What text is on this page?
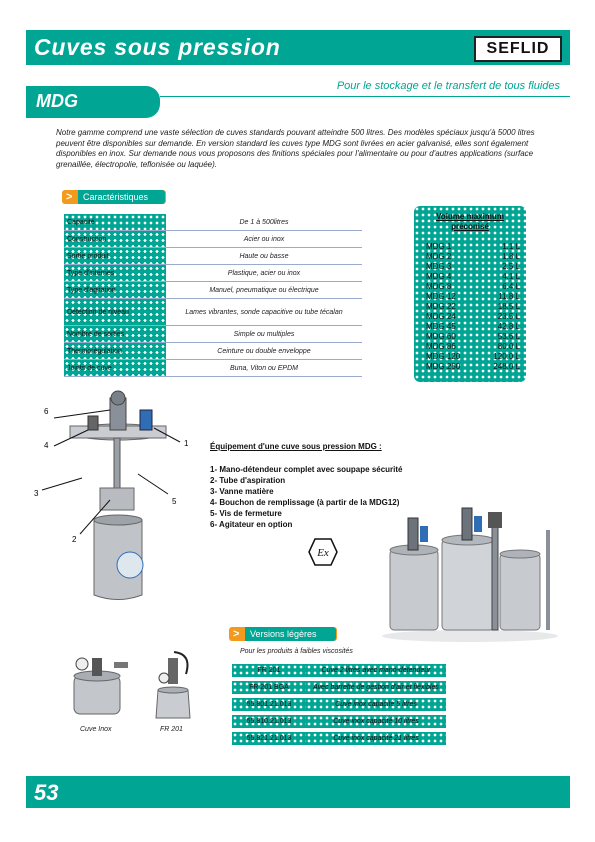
Cuves sous pression	SEFLID
MDG
Pour le stockage et le transfert de tous fluides
Notre gamme comprend une vaste sélection de cuves standards pouvant atteindre 500 litres. Des modèles spéciaux jusqu'à 5000 litres peuvent être disponibles sur demande. En version standard les cuves type MDG sont livrées en acier galvanisé, elles sont également disponibles en inox. Sur demande nous vous proposons des finitions spéciales pour l'alimentaire ou pour d'autres applications (surface grenaillée, électropolie, teflonisée ou laquée).
>	Caractéristiques
Capacité	De 1 à 500litres
Construction	Acier ou inox
Sortie produit	Haute ou basse
Type d'internes	Plastique, acier ou inox
Type d'agitation	Manuel, pneumatique ou électrique
Détection de niveau	Lames vibrantes, sonde capacitive ou tube técalan
Nombre de sorties	Simple ou multiples
Thermorégulation	Ceinture ou double enveloppe
Joints de cuve	Buna, Viton ou EPDM
Volume maximum
préconisé
MDG 1	1.1 L
MDG 2	1.8 L
MDG 3	2.5 L
MDG 4	4.1 L
MDG 8	6.4 L
MDG 12	11.8 L
MDG 22	18.5 L
MDG 24	23.5 L
MDG 45	42.8 L
MDG 60	53.6 L
MDG 86	80.0 L
MDG 120	120.0 L
MDG 250	248.0 L
6
4	1
3
5
2
Équipement d'une cuve sous pression MDG :
1- Mano-détendeur complet avec soupape sécurité
2- Tube d'aspiration
3- Vanne matière
4- Bouchon de remplissage (à partir de la MDG12)
5- Vis de fermeture
6- Agitateur en option
Ex
>	Versions légères
Pour les produits à faibles viscosités
FR 201	Cuve 2 litres avec mano-détendeur
FR 201 BGA	Avec barrette de gestion d'air et flexibles
55.801.21.013	Cuve inox capacité 5 litres
55.810.21.013	Cuve inox capacité 10 litres
55.821.21.013	Cuve inox capacité 21 litres
Cuve Inox	FR 201
53
